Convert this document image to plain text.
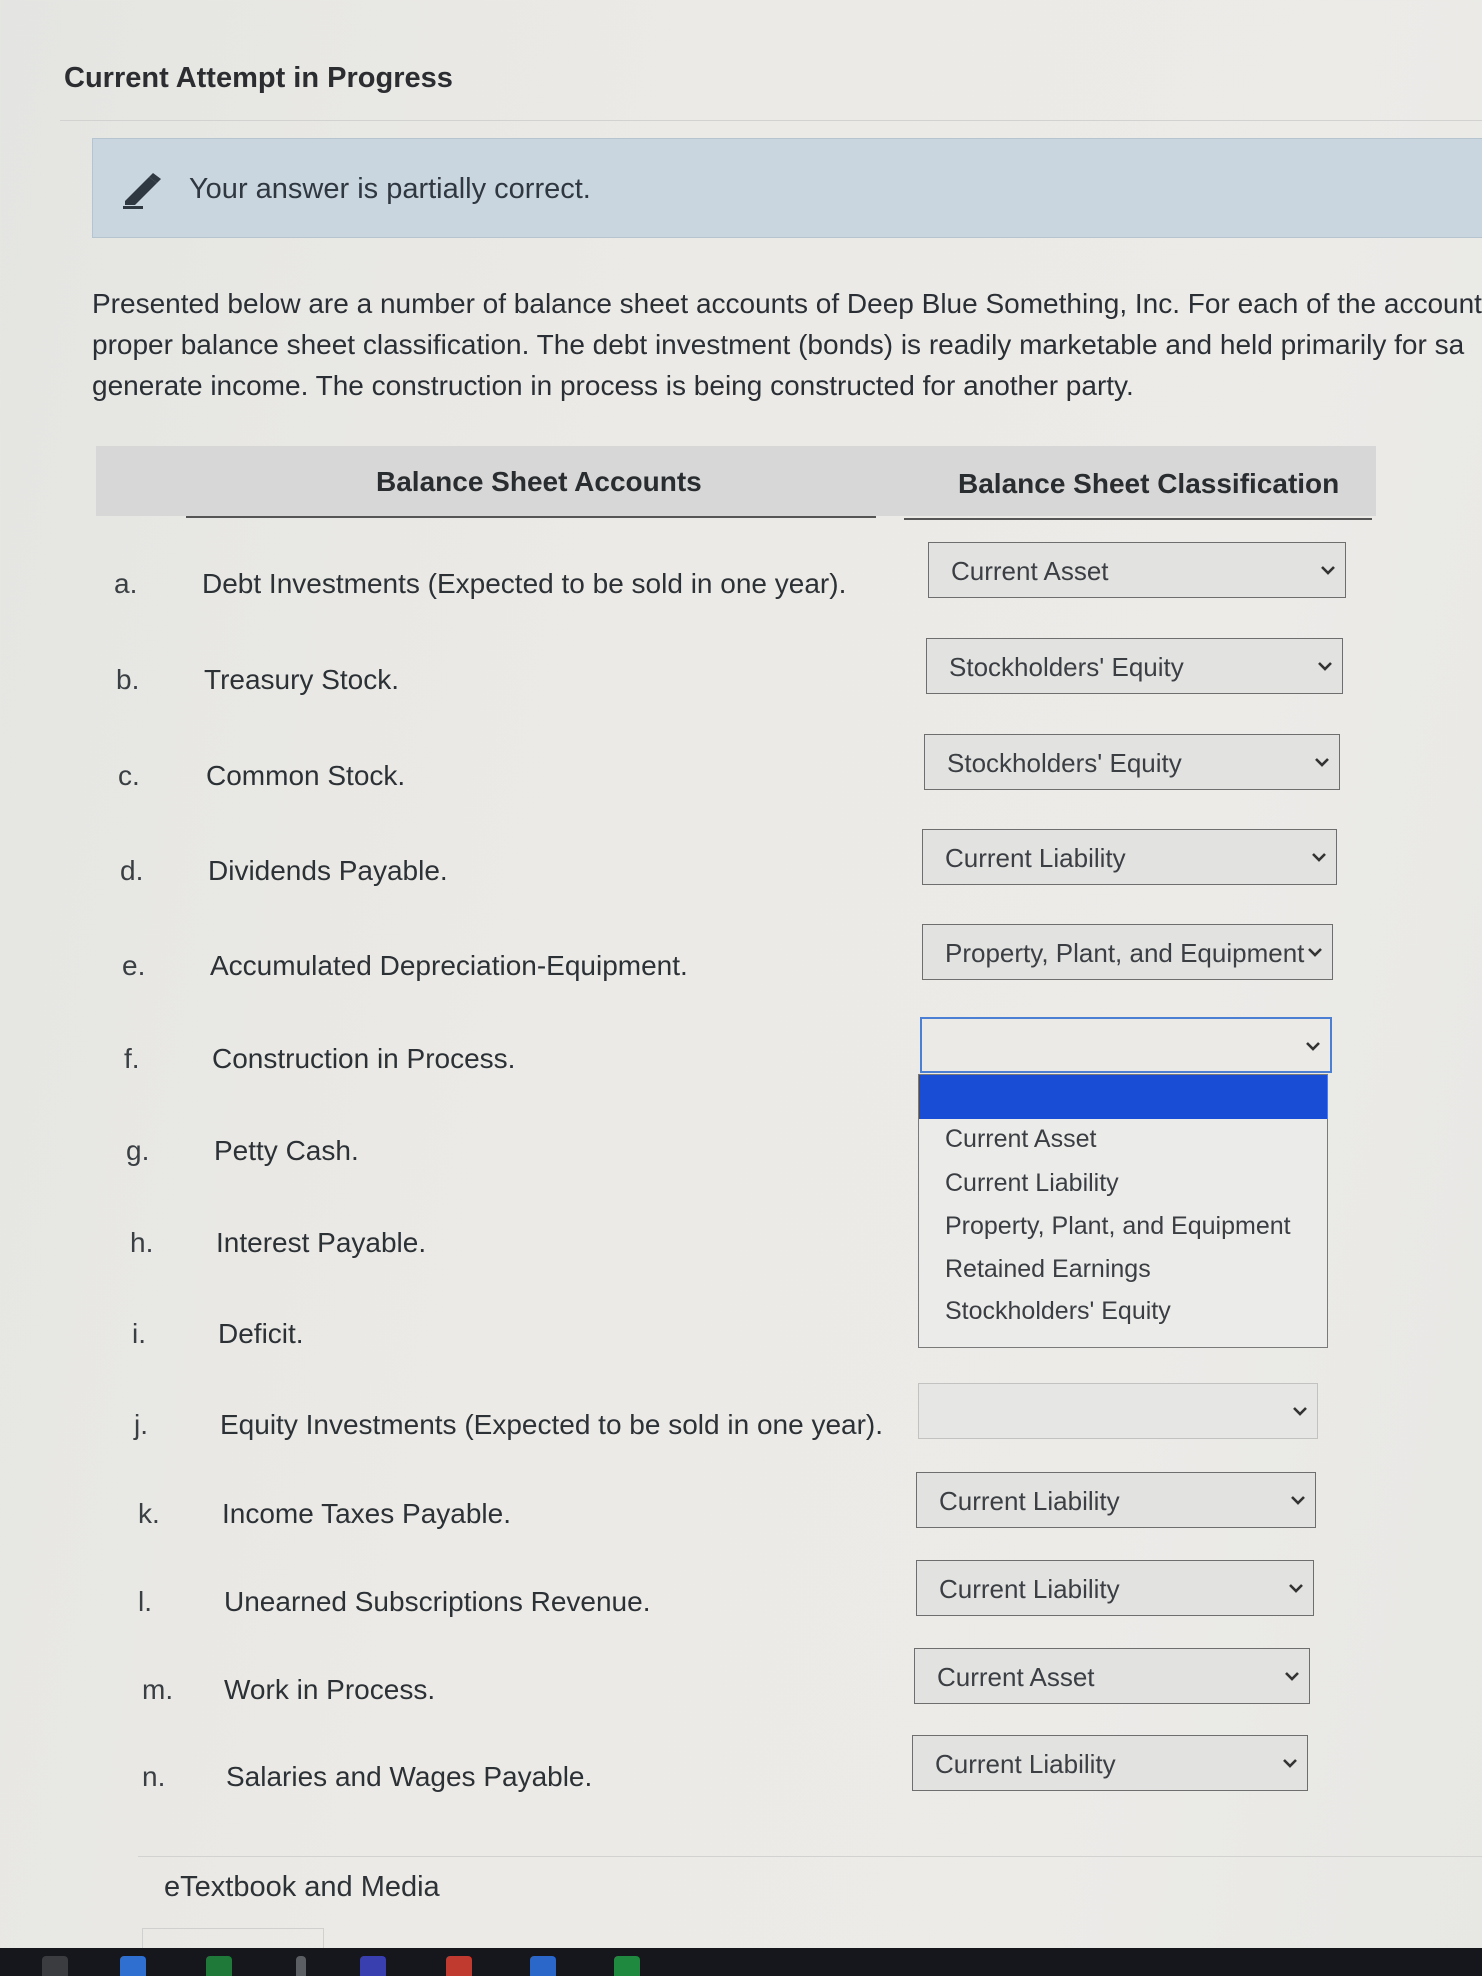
Current Attempt in Progress
Your answer is partially correct.
Presented below are a number of balance sheet accounts of Deep Blue Something, Inc. For each of the account
proper balance sheet classification. The debt investment (bonds) is readily marketable and held primarily for sa
generate income. The construction in process is being constructed for another party.
Balance Sheet Accounts	Balance Sheet Classification
a. Debt Investments (Expected to be sold in one year).	Current Asset
b. Treasury Stock.	Stockholders' Equity
c. Common Stock.	Stockholders' Equity
d. Dividends Payable.	Current Liability
e. Accumulated Depreciation-Equipment.	Property, Plant, and Equipment
f.	Construction in Process.
g. Petty Cash.
h. Interest Payable.
i.	Deficit.
j.	Equity Investments (Expected to be sold in one year).
k. Income Taxes Payable.	Current Liability
l.	Unearned Subscriptions Revenue.	Current Liability
m. Work in Process.	Current Asset
n. Salaries and Wages Payable.	Current Liability
Current Asset
Current Liability
Property, Plant, and Equipment
Retained Earnings
Stockholders' Equity
eTextbook and Media
